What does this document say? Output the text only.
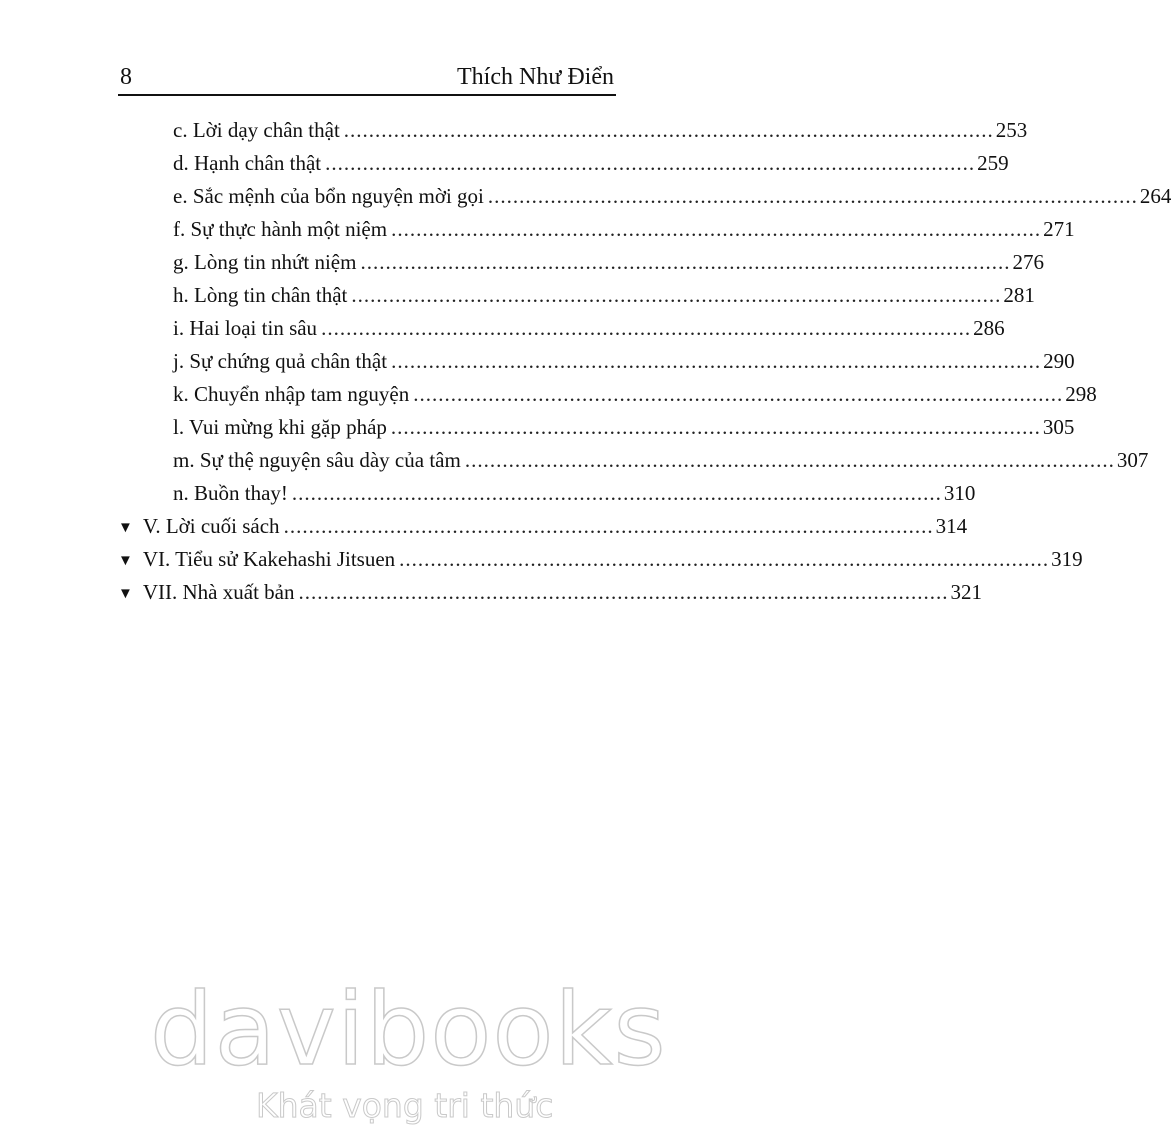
8	Thích Như Điển
c. Lời dạy chân thật ........................................................................................................ 253
d. Hạnh chân thật ........................................................................................................ 259
e. Sắc mệnh của bổn nguyện mời gọi ........................................................................................................ 264
f. Sự thực hành một niệm ........................................................................................................ 271
g. Lòng tin nhứt niệm ........................................................................................................ 276
h. Lòng tin chân thật ........................................................................................................ 281
i. Hai loại tin sâu ........................................................................................................ 286
j. Sự chứng quả chân thật ........................................................................................................ 290
k. Chuyển nhập tam nguyện ........................................................................................................ 298
l. Vui mừng khi gặp pháp ........................................................................................................ 305
m. Sự thệ nguyện sâu dày của tâm ........................................................................................................ 307
n. Buồn thay! ........................................................................................................ 310
▼ V. Lời cuối sách ........................................................................................................ 314
▼ VI. Tiểu sử Kakehashi Jitsuen ........................................................................................................ 319
▼ VII. Nhà xuất bản ........................................................................................................ 321
davibooks
Khát vọng tri thức
